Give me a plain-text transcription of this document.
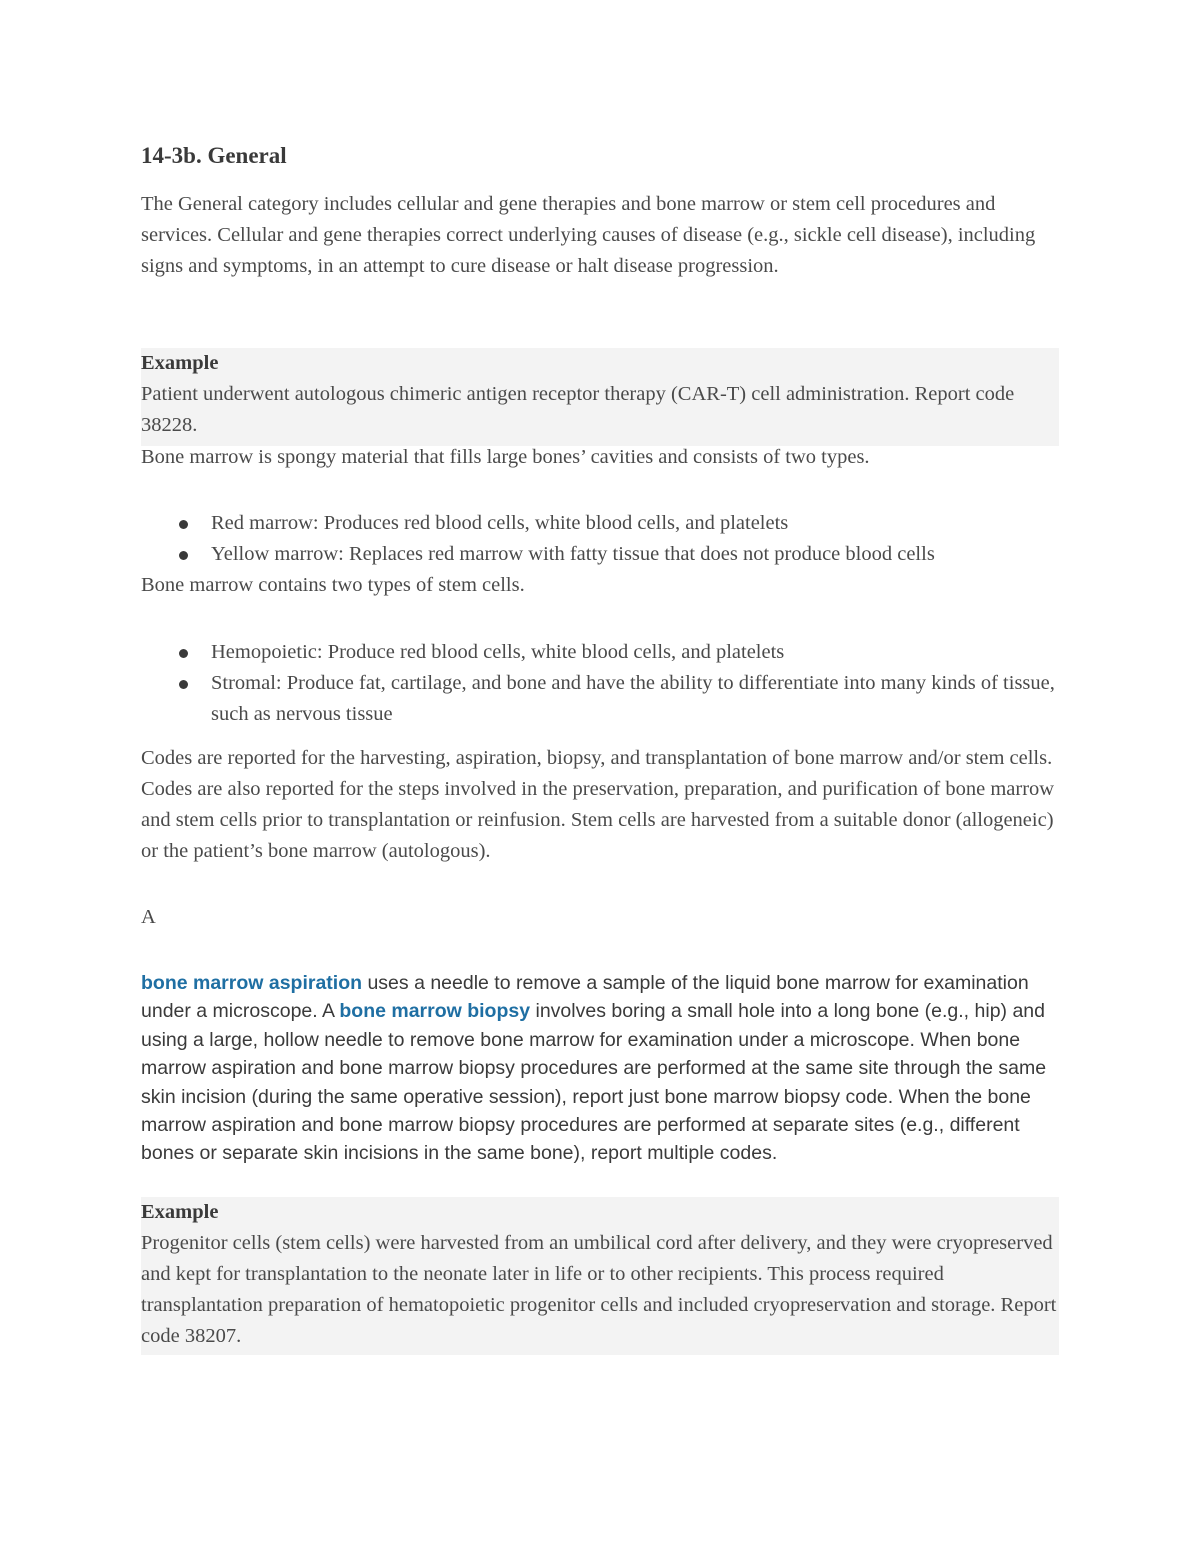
14-3b. General

The General category includes cellular and gene therapies and bone marrow or stem cell procedures and services. Cellular and gene therapies correct underlying causes of disease (e.g., sickle cell disease), including signs and symptoms, in an attempt to cure disease or halt disease progression.

Example
Patient underwent autologous chimeric antigen receptor therapy (CAR-T) cell administration. Report code 38228.

Bone marrow is spongy material that fills large bones’ cavities and consists of two types.

Red marrow: Produces red blood cells, white blood cells, and platelets
Yellow marrow: Replaces red marrow with fatty tissue that does not produce blood cells

Bone marrow contains two types of stem cells.

Hemopoietic: Produce red blood cells, white blood cells, and platelets
Stromal: Produce fat, cartilage, and bone and have the ability to differentiate into many kinds of tissue, such as nervous tissue

Codes are reported for the harvesting, aspiration, biopsy, and transplantation of bone marrow and/or stem cells. Codes are also reported for the steps involved in the preservation, preparation, and purification of bone marrow and stem cells prior to transplantation or reinfusion. Stem cells are harvested from a suitable donor (allogeneic) or the patient’s bone marrow (autologous).

A

bone marrow aspiration uses a needle to remove a sample of the liquid bone marrow for examination under a microscope. A bone marrow biopsy involves boring a small hole into a long bone (e.g., hip) and using a large, hollow needle to remove bone marrow for examination under a microscope. When bone marrow aspiration and bone marrow biopsy procedures are performed at the same site through the same skin incision (during the same operative session), report just bone marrow biopsy code. When the bone marrow aspiration and bone marrow biopsy procedures are performed at separate sites (e.g., different bones or separate skin incisions in the same bone), report multiple codes.

Example
Progenitor cells (stem cells) were harvested from an umbilical cord after delivery, and they were cryopreserved and kept for transplantation to the neonate later in life or to other recipients. This process required transplantation preparation of hematopoietic progenitor cells and included cryopreservation and storage. Report code 38207.
